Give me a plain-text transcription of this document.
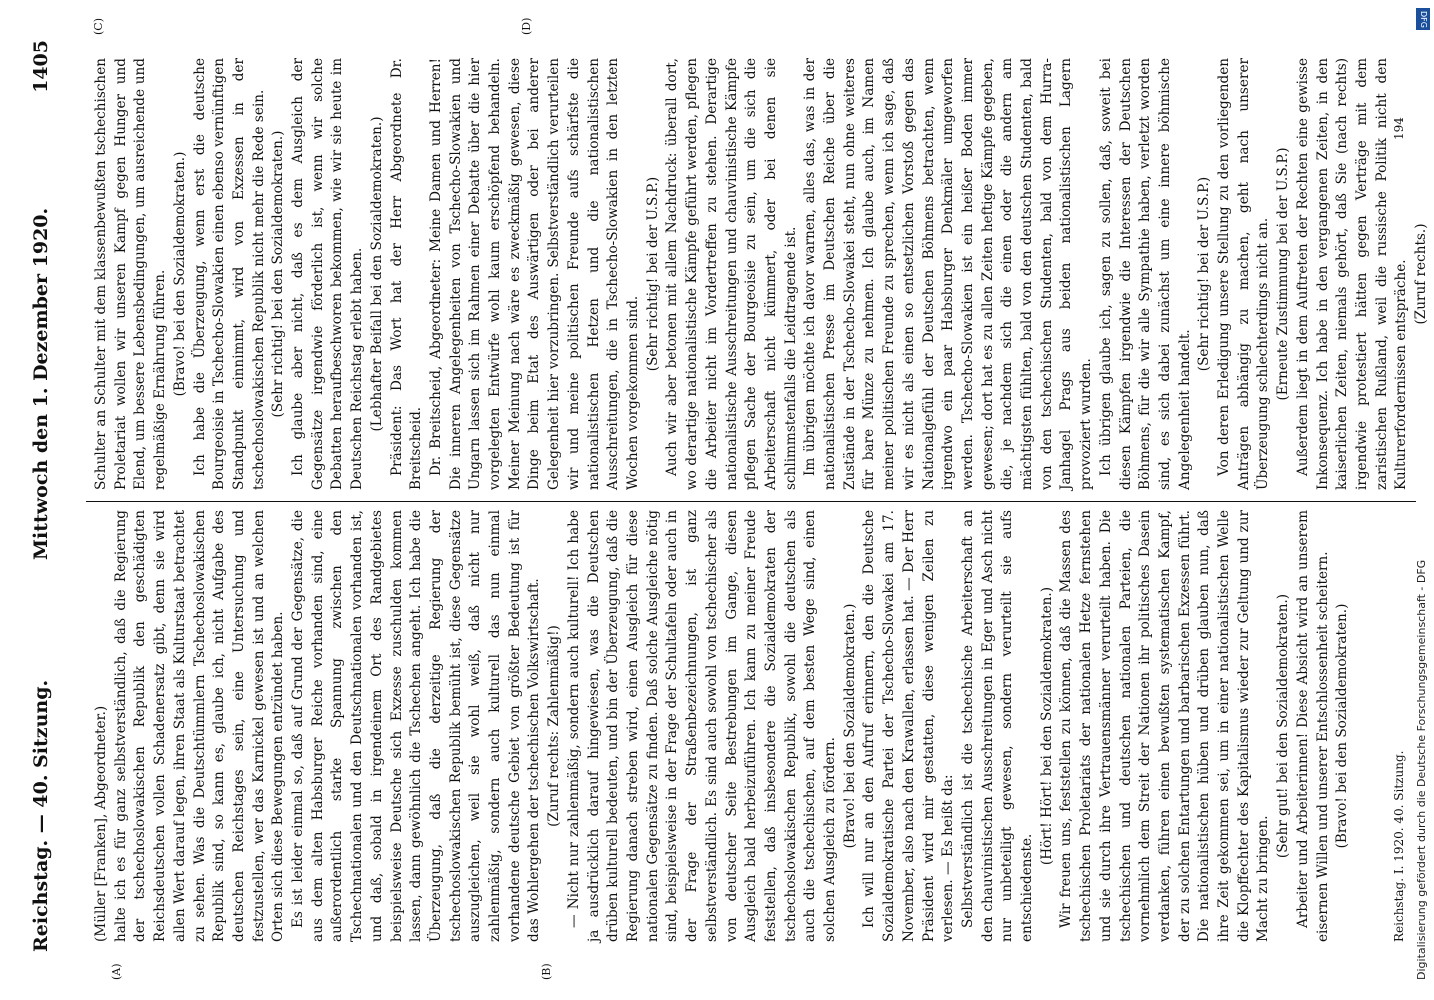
Reichstag. — 40. Sitzung.
Mittwoch den 1. Dezember 1920.
1405
(A)	(B)
(C)	(D)

(Müller [Franken], Abgeordneter.) halte ich es für ganz selbstverständlich, daß die Regierung der tschechoslowakischen Republik den geschädigten Reichsdeutschen vollen Schadenersatz gibt, denn sie wird allen Wert darauf legen, ihren Staat als Kulturstaat betrachtet zu sehen. Was die Deutschtümmlern Tschechoslowakischen Republik sind, so kann es, glaube ich, nicht Aufgabe des deutschen Reichstages sein, eine Untersuchung und festzustellen, wer das Karnickel gewesen ist und an welchen Orten sich diese Bewegungen entzündet haben. Es ist leider einmal so, daß auf Grund der Gegensätze, die aus dem alten Habsburger Reiche vorhanden sind, eine außerordentlich starke Spannung zwischen den Tschechnationalen und den Deutschnationalen vorhanden ist, und daß, sobald in irgendeinem Ort des Randgebietes beispielsweise Deutsche sich Exzesse zuschulden kommen lassen, dann gewöhnlich die Tschechen angeht. Ich habe die Überzeugung, daß die derzeitige Regierung der tschechoslowakischen Republik bemüht ist, diese Gegensätze auszugleichen, weil sie wohl weiß, daß nicht nur zahlenmäßig, sondern auch kulturell das nun einmal vorhandene deutsche Gebiet von größter Bedeutung ist für das Wohlergehen der tschechischen Volkswirtschaft. (Zuruf rechts: Zahlenmäßig!) — Nicht nur zahlenmäßig, sondern auch kulturell! Ich habe ja ausdrücklich darauf hingewiesen, was die Deutschen drüben kulturell bedeuten, und bin der Überzeugung, daß die Regierung danach streben wird, einen Ausgleich für diese nationalen Gegensätze zu finden. Daß solche Ausgleiche nötig sind, beispielsweise in der Frage der Schultafeln oder auch in der Frage der Straßenbezeichnungen, ist ganz selbstverständlich. Es sind auch sowohl von tschechischer als von deutscher Seite Bestrebungen im Gange, diesen Ausgleich bald herbeizuführen. Ich kann zu meiner Freude feststellen, daß insbesondere die Sozialdemokraten der tschechoslowakischen Republik, sowohl die deutschen als auch die tschechischen, auf dem besten Wege sind, einen solchen Ausgleich zu fördern. (Bravo! bei den Sozialdemokraten.) Ich will nur an den Aufruf erinnern, den die Deutsche Sozialdemokratische Partei der Tschecho-Slowakei am 17. November, also nach den Krawallen, erlassen hat. — Der Herr Präsident wird mir gestatten, diese wenigen Zeilen zu verlesen. — Es heißt da: Selbstverständlich ist die tschechische Arbeiterschaft an den chauvinistischen Ausschreitungen in Eger und Asch nicht nur unbeteiligt gewesen, sondern verurteilt sie aufs entschiedenste.

(Hört! Hört! bei den Sozialdemokraten.) Wir freuen uns, feststellen zu können, daß die Massen des tschechischen Proletariats der nationalen Hetze fernstehen und sie durch ihre Vertrauensmänner verurteilt haben. Die tschechischen und deutschen nationalen Parteien, die vornehmlich dem Streit der Nationen ihr politisches Dasein verdanken, führen einen bewußten systematischen Kampf, der zu solchen Entartungen und barbarischen Exzessen führt. Die nationalistischen hüben und drüben glauben nun, daß ihre Zeit gekommen sei, um in einer nationalistischen Welle die Klopffechter des Kapitalismus wieder zur Geltung und zur Macht zu bringen.

(Sehr gut! bei den Sozialdemokraten.) Arbeiter und Arbeiterinnen! Diese Absicht wird an unserem eisernen Willen und unserer Entschlossenheit scheitern. (Bravo! bei den Sozialdemokraten.)

Schulter an Schulter mit dem klassenbewußten tschechischen Proletariat wollen wir unseren Kampf gegen Hunger und Elend, um bessere Lebensbedingungen, um ausreichende und regelmäßige Ernährung führen. (Bravo! bei den Sozialdemokraten.) Ich habe die Überzeugung, wenn erst die deutsche Bourgeoisie in Tschecho-Slowakien einen ebenso vernünftigen Standpunkt einnimmt, wird von Exzessen in der tschechoslowakischen Republik nicht mehr die Rede sein. (Sehr richtig! bei den Sozialdemokraten.) Ich glaube aber nicht, daß es dem Ausgleich der Gegensätze irgendwie förderlich ist, wenn wir solche Debatten heraufbeschworen bekommen, wie wir sie heute im Deutschen Reichstag erlebt haben. (Lebhafter Beifall bei den Sozialdemokraten.) Präsident: Das Wort hat der Herr Abgeordnete Dr. Breitscheid. Dr. Breitscheid, Abgeordneter: Meine Damen und Herren! Die inneren Angelegenheiten von Tschecho-Slowakien und Ungarn lassen sich im Rahmen einer Debatte über die hier vorgelegten Entwürfe wohl kaum erschöpfend behandeln. Meiner Meinung nach wäre es zweckmäßig gewesen, diese Dinge beim Etat des Auswärtigen oder bei anderer Gelegenheit hier vorzubringen. Selbstverständlich verurteilen wir und meine politischen Freunde aufs schärfste die nationalistischen Hetzen und die nationalistischen Ausschreitungen, die in Tschecho-Slowakien in den letzten Wochen vorgekommen sind.

(Sehr richtig! bei der U.S.P.) Auch wir aber betonen mit allem Nachdruck: überall dort, wo derartige nationalistische Kämpfe geführt werden, pflegen die Arbeiter nicht im Vordertreffen zu stehen. Derartige nationalistische Ausschreitungen und chauvinistische Kämpfe pflegen Sache der Bourgeoisie zu sein, um die sich die Arbeiterschaft nicht kümmert, oder bei denen sie schlimmstenfalls die Leidtragende ist. Im übrigen möchte ich davor warnen, alles das, was in der nationalistischen Presse im Deutschen Reiche über die Zustände in der Tschecho-Slowakei steht, nun ohne weiteres für bare Münze zu nehmen. Ich glaube auch, im Namen meiner politischen Freunde zu sprechen, wenn ich sage, daß wir es nicht als einen so entsetzlichen Vorstoß gegen das Nationalgefühl der Deutschen Böhmens betrachten, wenn irgendwo ein paar Habsburger Denkmäler umgeworfen werden. Tschecho-Slowakien ist ein heißer Boden immer gewesen; dort hat es zu allen Zeiten heftige Kämpfe gegeben, die, je nachdem sich die einen oder die andern am mächtigsten fühlten, bald von den deutschen Studenten, bald von den tschechischen Studenten, bald von dem Hurra-Janhagel Prags aus beiden nationalistischen Lagern provoziert wurden. Ich übrigen glaube ich, sagen zu sollen, daß, soweit bei diesen Kämpfen irgendwie die Interessen der Deutschen Böhmens, für die wir alle Sympathie haben, verletzt worden sind, es sich dabei zunächst um eine innere böhmische Angelegenheit handelt.

(Sehr richtig! bei der U.S.P.) Von deren Erledigung unsere Stellung zu den vorliegenden Anträgen abhängig zu machen, geht nach unserer Überzeugung schlechterdings nicht an. (Erneute Zustimmung bei der U.S.P.) Außerdem liegt in dem Auftreten der Rechten eine gewisse Inkonsequenz. Ich habe in den vergangenen Zeiten, in den kaiserlichen Zeiten, niemals gehört, daß Sie (nach rechts) irgendwie protestiert hätten gegen Verträge mit dem zaristischen Rußland, weil die russische Politik nicht den Kulturerfordernissen entspräche. (Zuruf rechts.)

Reichstag. I. 1920. 40. Sitzung.
194
Digitalisierung gefördert durch die Deutsche Forschungsgemeinschaft - DFG
DFG
